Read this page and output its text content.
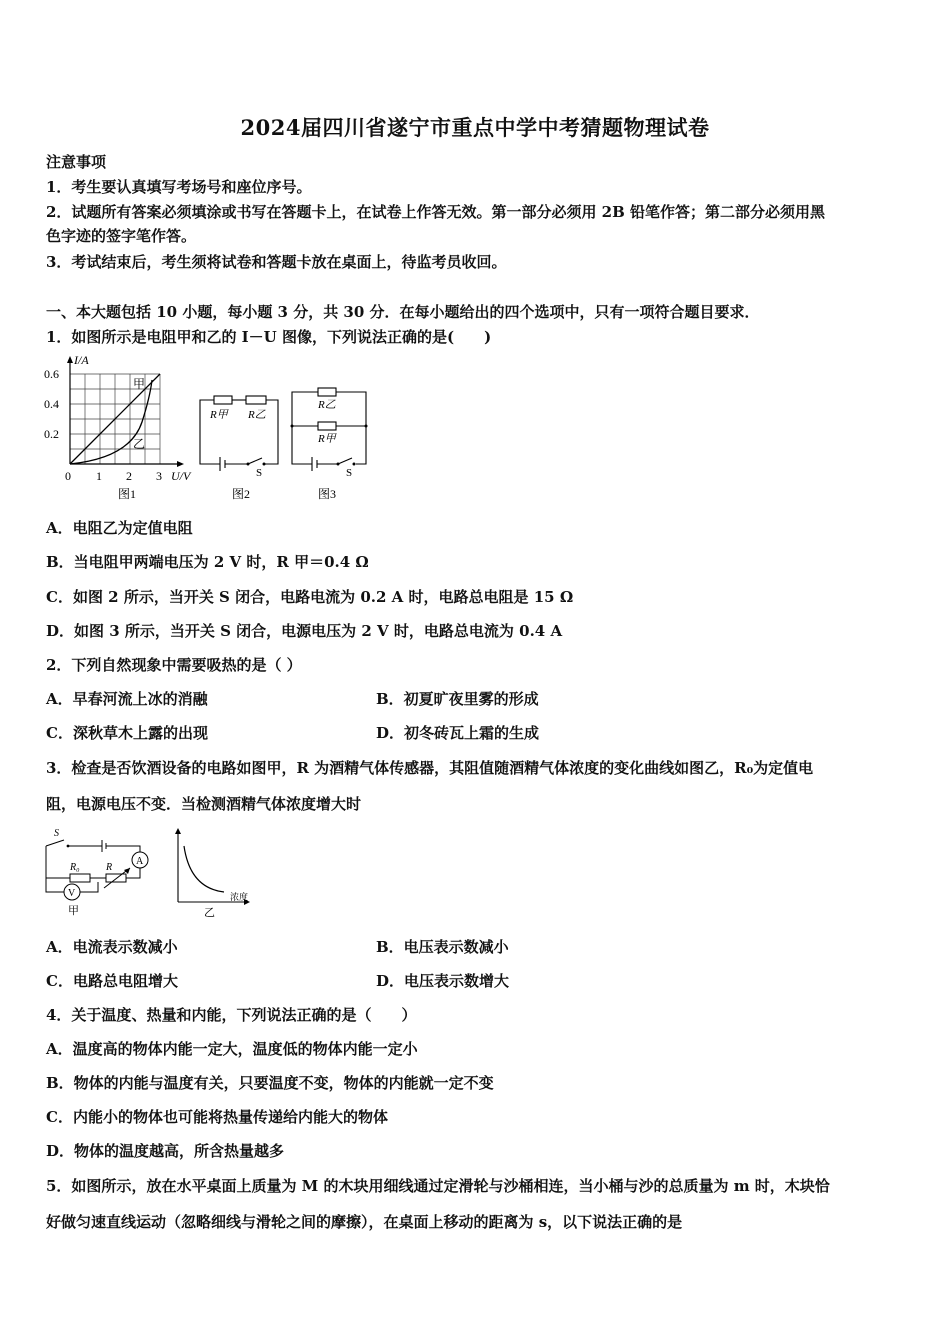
2024届四川省遂宁市重点中学中考猜题物理试卷
注意事项
1．考生要认真填写考场号和座位序号。
2．试题所有答案必须填涂或书写在答题卡上，在试卷上作答无效。第一部分必须用 2B 铅笔作答；第二部分必须用黑
色字迹的签字笔作答。
3．考试结束后，考生须将试卷和答题卡放在桌面上，待监考员收回。
一、本大题包括 10 小题，每小题 3 分，共 30 分．在每小题给出的四个选项中，只有一项符合题目要求．
1．如图所示是电阻甲和乙的 I－U 图像，下列说法正确的是(　　)
I/A
0.6
0.4
0.2
0 1 2 3 U/V
甲
乙
图1
R甲 R乙
S
图2
R乙
R甲
S
图3
A．电阻乙为定值电阻
B．当电阻甲两端电压为 2 V 时，R 甲＝0.4 Ω
C．如图 2 所示，当开关 S 闭合，电路电流为 0.2 A 时，电路总电阻是 15 Ω
D．如图 3 所示，当开关 S 闭合，电源电压为 2 V 时，电路总电流为 0.4 A
2．下列自然现象中需要吸热的是（ ）
A．早春河流上冰的消融	B．初夏旷夜里雾的形成
C．深秋草木上露的出现	D．初冬砖瓦上霜的生成
3．检查是否饮酒设备的电路如图甲，R 为酒精气体传感器，其阻值随酒精气体浓度的变化曲线如图乙，R₀为定值电
阻，电源电压不变．当检测酒精气体浓度增大时
S
R₀	R
A
V
甲
浓度
乙
A．电流表示数减小	B．电压表示数减小
C．电路总电阻增大	D．电压表示数增大
4．关于温度、热量和内能，下列说法正确的是（　　）
A．温度高的物体内能一定大，温度低的物体内能一定小
B．物体的内能与温度有关，只要温度不变，物体的内能就一定不变
C．内能小的物体也可能将热量传递给内能大的物体
D．物体的温度越高，所含热量越多
5．如图所示，放在水平桌面上质量为 M 的木块用细线通过定滑轮与沙桶相连，当小桶与沙的总质量为 m 时，木块恰
好做匀速直线运动（忽略细线与滑轮之间的摩擦），在桌面上移动的距离为 s，以下说法正确的是
